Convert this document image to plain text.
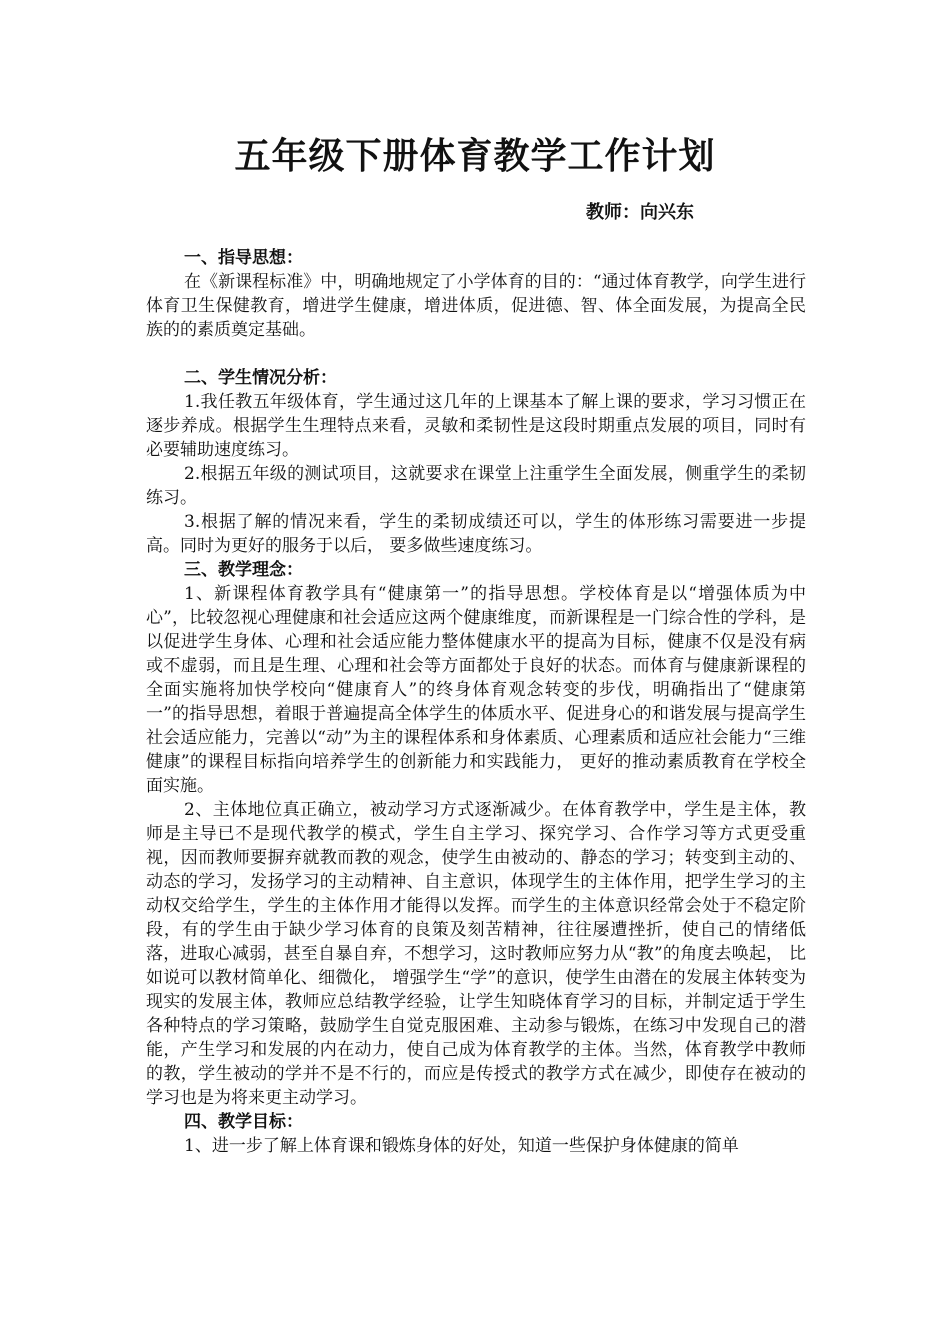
五年级下册体育教学工作计划
教师：向兴东
一、指导思想：

在《新课程标准》中，明确地规定了小学体育的目的：“通过体育教学，向学生进行体育卫生保健教育，增进学生健康，增进体质，促进德、智、体全面发展，为提高全民族的的素质奠定基础。

二、学生情况分析：

1.我任教五年级体育，学生通过这几年的上课基本了解上课的要求，学习习惯正在逐步养成。根据学生生理特点来看，灵敏和柔韧性是这段时期重点发展的项目，同时有必要辅助速度练习。

2.根据五年级的测试项目，这就要求在课堂上注重学生全面发展，侧重学生的柔韧练习。

3.根据了解的情况来看，学生的柔韧成绩还可以，学生的体形练习需要进一步提高。同时为更好的服务于以后， 要多做些速度练习。

三、教学理念：

1、新课程体育教学具有“健康第一”的指导思想。学校体育是以“增强体质为中心”，比较忽视心理健康和社会适应这两个健康维度，而新课程是一门综合性的学科，是以促进学生身体、心理和社会适应能力整体健康水平的提高为目标，健康不仅是没有病或不虚弱，而且是生理、心理和社会等方面都处于良好的状态。而体育与健康新课程的全面实施将加快学校向“健康育人”的终身体育观念转变的步伐，明确指出了“健康第一”的指导思想，着眼于普遍提高全体学生的体质水平、促进身心的和谐发展与提高学生社会适应能力，完善以“动”为主的课程体系和身体素质、心理素质和适应社会能力“三维健康”的课程目标指向培养学生的创新能力和实践能力， 更好的推动素质教育在学校全面实施。

2、主体地位真正确立，被动学习方式逐渐减少。在体育教学中，学生是主体，教师是主导已不是现代教学的模式，学生自主学习、探究学习、合作学习等方式更受重视，因而教师要摒弃就教而教的观念，使学生由被动的、静态的学习；转变到主动的、动态的学习，发扬学习的主动精神、自主意识，体现学生的主体作用，把学生学习的主动权交给学生，学生的主体作用才能得以发挥。而学生的主体意识经常会处于不稳定阶段，有的学生由于缺少学习体育的良策及刻苦精神，往往屡遭挫折，使自己的情绪低落，进取心减弱，甚至自暴自弃，不想学习，这时教师应努力从“教”的角度去唤起， 比如说可以教材简单化、细微化， 增强学生“学”的意识，使学生由潜在的发展主体转变为现实的发展主体，教师应总结教学经验，让学生知晓体育学习的目标，并制定适于学生各种特点的学习策略，鼓励学生自觉克服困难、主动参与锻炼，在练习中发现自己的潜能，产生学习和发展的内在动力，使自己成为体育教学的主体。当然，体育教学中教师的教，学生被动的学并不是不行的，而应是传授式的教学方式在减少，即使存在被动的学习也是为将来更主动学习。

四、教学目标：

1、进一步了解上体育课和锻炼身体的好处，知道一些保护身体健康的简单
